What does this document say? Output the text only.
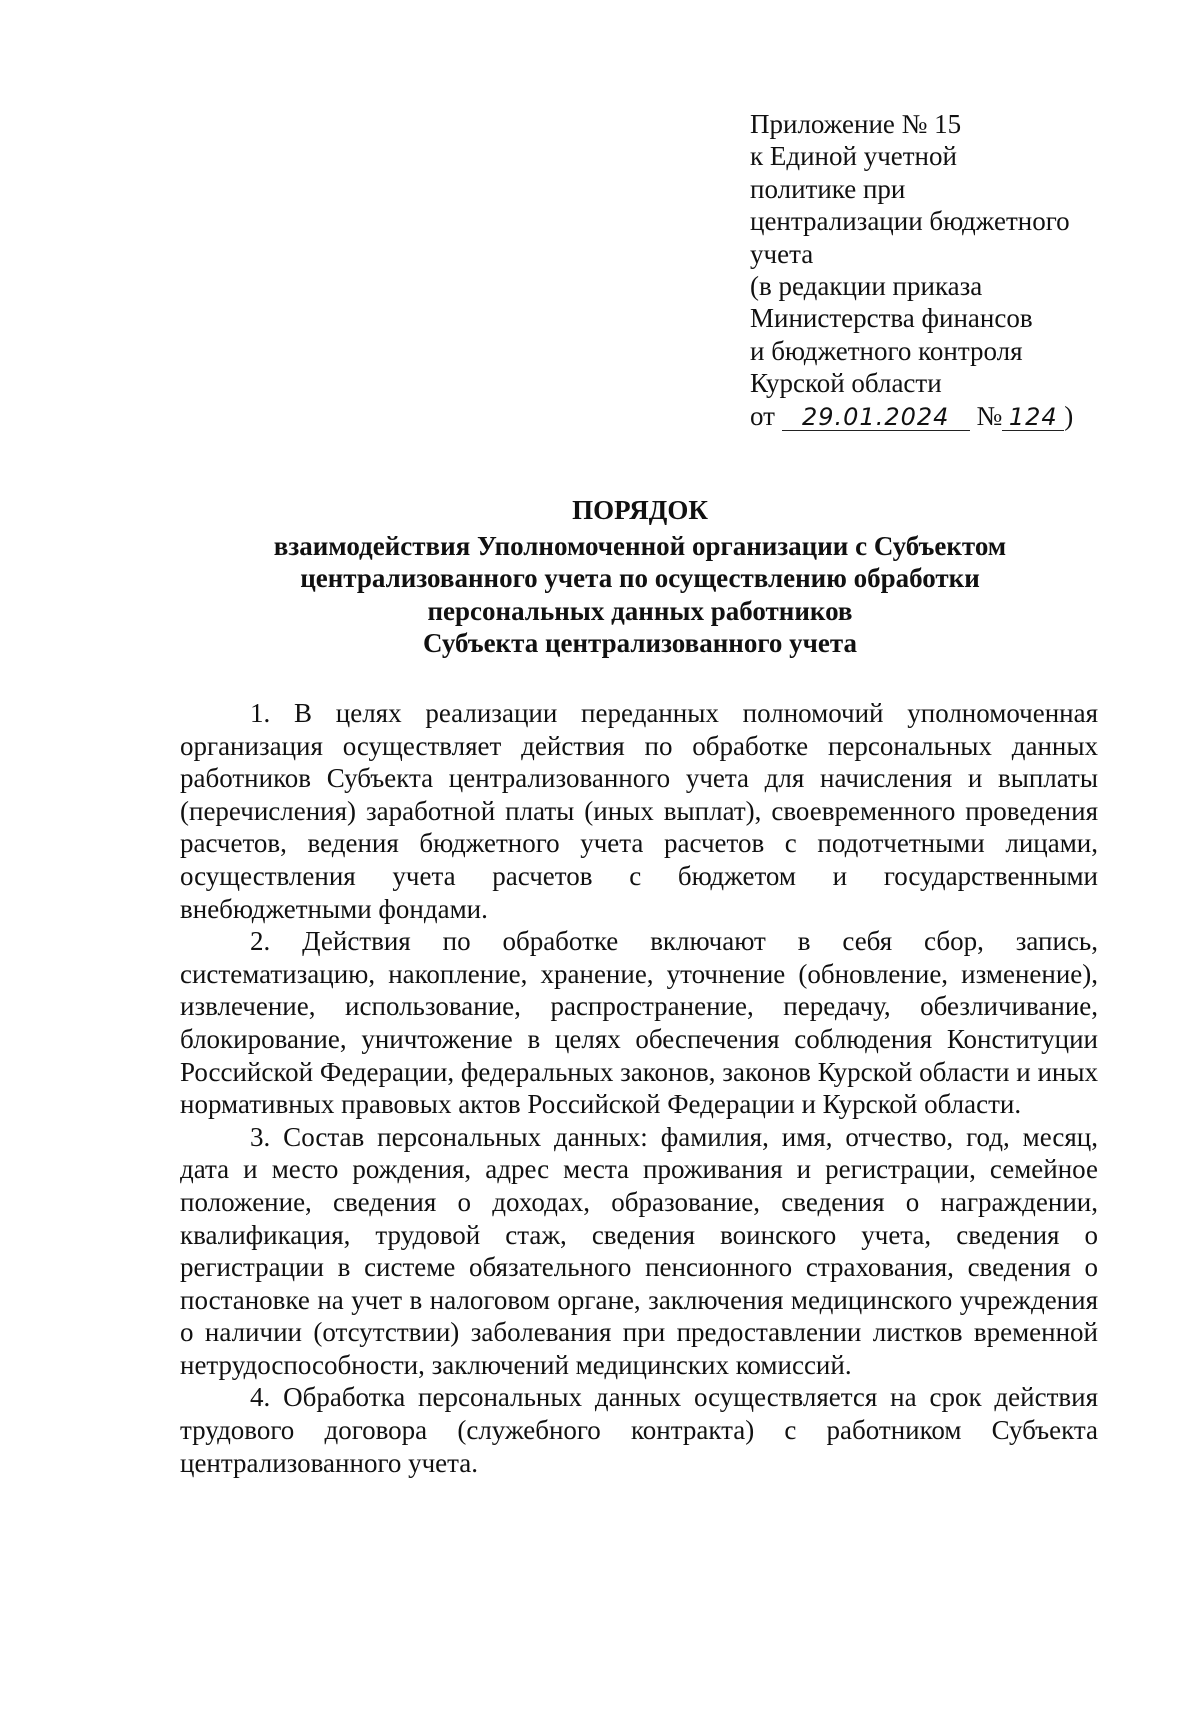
Приложение № 15
к Единой учетной
политике при
централизации бюджетного
учета
(в редакции приказа
Министерства финансов
и бюджетного контроля
Курской области
от 29.01.2024 № 124 )
ПОРЯДОК
взаимодействия Уполномоченной организации с Субъектом
централизованного учета по осуществлению обработки
персональных данных работников
Субъекта централизованного учета

1. В целях реализации переданных полномочий уполномоченная организация осуществляет действия по обработке персональных данных работников Субъекта централизованного учета для начисления и выплаты (перечисления) заработной платы (иных выплат), своевременного проведения расчетов, ведения бюджетного учета расчетов с подотчетными лицами, осуществления учета расчетов с бюджетом и государственными внебюджетными фондами.

2. Действия по обработке включают в себя сбор, запись, систематизацию, накопление, хранение, уточнение (обновление, изменение), извлечение, использование, распространение, передачу, обезличивание, блокирование, уничтожение в целях обеспечения соблюдения Конституции Российской Федерации, федеральных законов, законов Курской области и иных нормативных правовых актов Российской Федерации и Курской области.

3. Состав персональных данных: фамилия, имя, отчество, год, месяц, дата и место рождения, адрес места проживания и регистрации, семейное положение, сведения о доходах, образование, сведения о награждении, квалификация, трудовой стаж, сведения воинского учета, сведения о регистрации в системе обязательного пенсионного страхования, сведения о постановке на учет в налоговом органе, заключения медицинского учреждения о наличии (отсутствии) заболевания при предоставлении листков временной нетрудоспособности, заключений медицинских комиссий.

4. Обработка персональных данных осуществляется на срок действия трудового договора (служебного контракта) с работником Субъекта централизованного учета.
